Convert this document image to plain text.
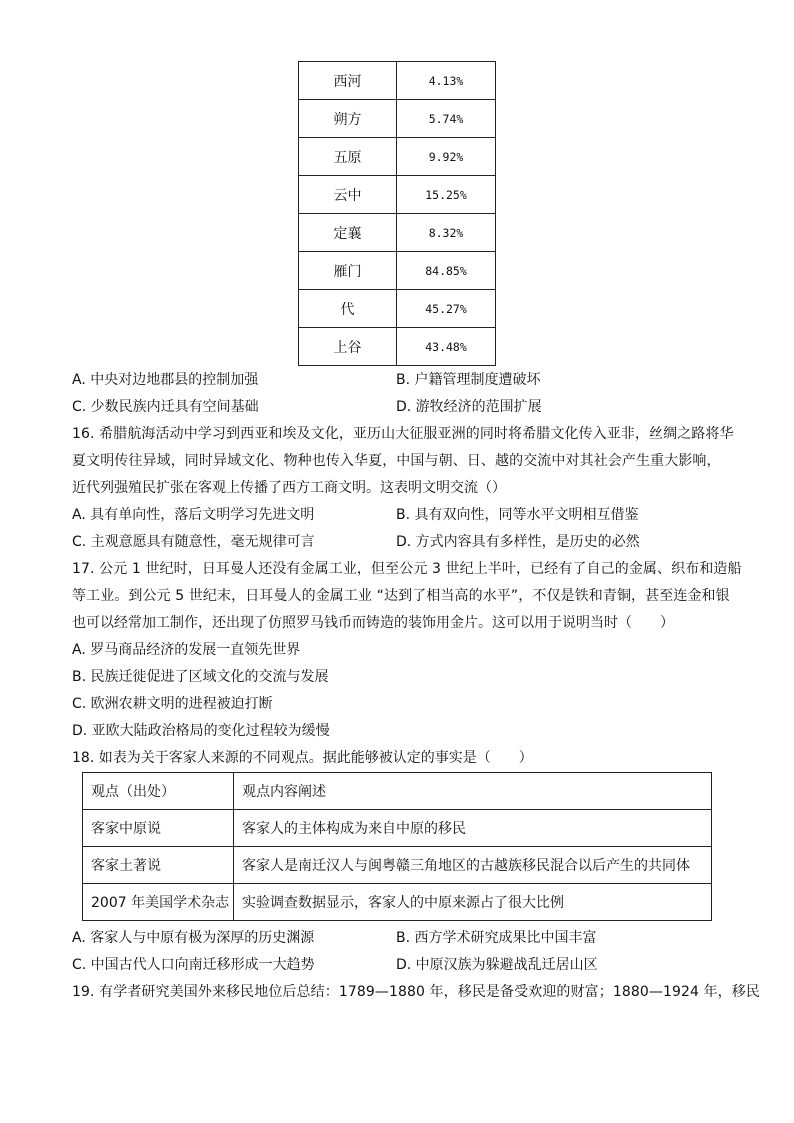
西河	4.13%
朔方	5.74%
五原	9.92%
云中	15.25%
定襄	8.32%
雁门	84.85%
代	45.27%
上谷	43.48%
A. 中央对边地郡县的控制加强	B. 户籍管理制度遭破坏
C. 少数民族内迁具有空间基础	D. 游牧经济的范围扩展
16. 希腊航海活动中学习到西亚和埃及文化，亚历山大征服亚洲的同时将希腊文化传入亚非，丝绸之路将华
夏文明传往异域，同时异域文化、物种也传入华夏，中国与朝、日、越的交流中对其社会产生重大影响，
近代列强殖民扩张在客观上传播了西方工商文明。这表明文明交流（）
A. 具有单向性，落后文明学习先进文明	B. 具有双向性，同等水平文明相互借鉴
C. 主观意愿具有随意性，毫无规律可言	D. 方式内容具有多样性，是历史的必然
17. 公元 1 世纪时，日耳曼人还没有金属工业，但至公元 3 世纪上半叶，已经有了自己的金属、织布和造船
等工业。到公元 5 世纪末，日耳曼人的金属工业 “达到了相当高的水平”，不仅是铁和青铜，甚至连金和银
也可以经常加工制作，还出现了仿照罗马钱币而铸造的装饰用金片。这可以用于说明当时（　　）
A. 罗马商品经济的发展一直领先世界
B. 民族迁徙促进了区域文化的交流与发展
C. 欧洲农耕文明的进程被迫打断
D. 亚欧大陆政治格局的变化过程较为缓慢
18. 如表为关于客家人来源的不同观点。据此能够被认定的事实是（　　）
观点（出处）	观点内容阐述
客家中原说	客家人的主体构成为来自中原的移民
客家土著说	客家人是南迁汉人与闽粤赣三角地区的古越族移民混合以后产生的共同体
2007 年美国学术杂志	实验调查数据显示，客家人的中原来源占了很大比例
A. 客家人与中原有极为深厚的历史渊源	B. 西方学术研究成果比中国丰富
C. 中国古代人口向南迁移形成一大趋势	D. 中原汉族为躲避战乱迁居山区
19. 有学者研究美国外来移民地位后总结：1789—1880 年，移民是备受欢迎的财富；1880—1924 年，移民
